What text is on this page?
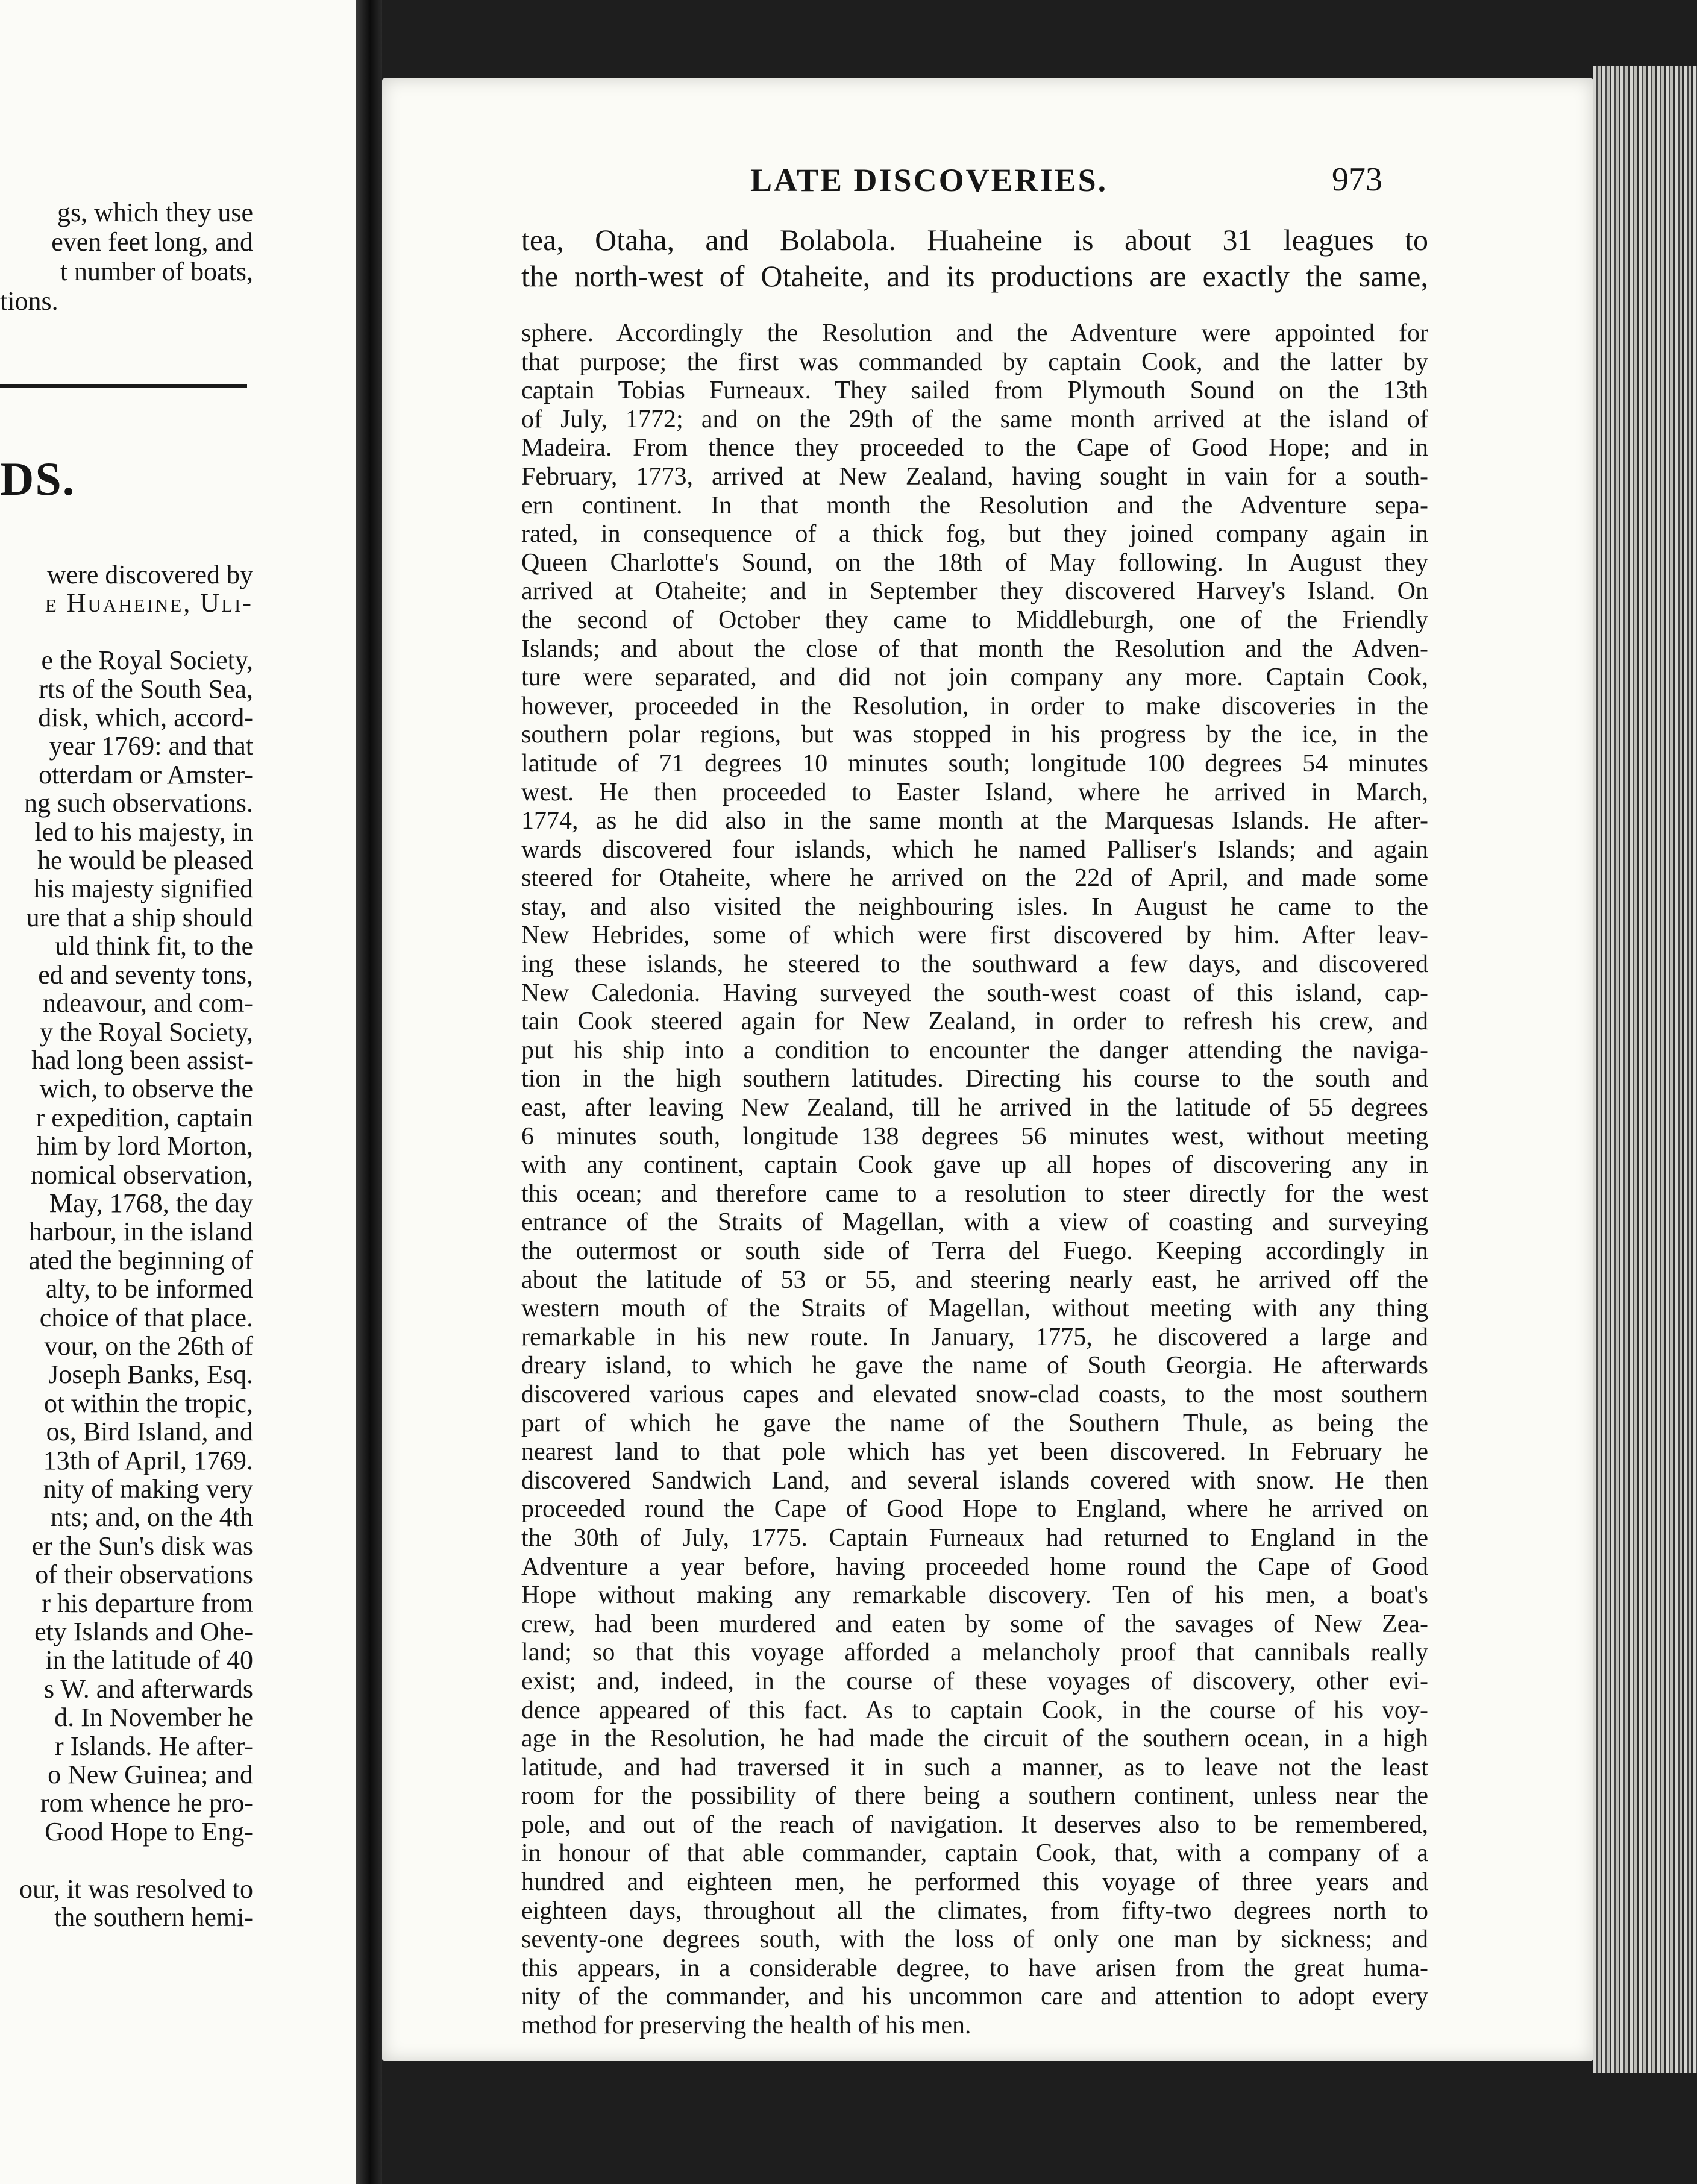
gs, which they use
even feet long, and
t number of boats,
tions.
DS.
were discovered by
e Huaheine, Uli-

e the Royal Society,
rts of the South Sea,
disk, which, accord-
year 1769: and that
otterdam or Amster-
ng such observations.
led to his majesty, in
he would be pleased
his majesty signified
ure that a ship should
uld think fit, to the
ed and seventy tons,
ndeavour, and com-
y the Royal Society,
had long been assist-
wich, to observe the
r expedition, captain
him by lord Morton,
nomical observation,
May, 1768, the day
harbour, in the island
ated the beginning of
alty, to be informed
choice of that place.
vour, on the 26th of
Joseph Banks, Esq.
ot within the tropic,
os, Bird Island, and
13th of April, 1769.
nity of making very
nts; and, on the 4th
er the Sun's disk was
of their observations
r his departure from
ety Islands and Ohe-
in the latitude of 40
s W. and afterwards
d. In November he
r Islands. He after-
o New Guinea; and
rom whence he pro-
Good Hope to Eng-

our, it was resolved to
the southern hemi-
LATE DISCOVERIES.	973
tea, Otaha, and Bolabola. Huaheine is about 31 leagues to
the north-west of Otaheite, and its productions are exactly the same,
sphere. Accordingly the Resolution and the Adventure were appointed for
that purpose; the first was commanded by captain Cook, and the latter by
captain Tobias Furneaux. They sailed from Plymouth Sound on the 13th
of July, 1772; and on the 29th of the same month arrived at the island of
Madeira. From thence they proceeded to the Cape of Good Hope; and in
February, 1773, arrived at New Zealand, having sought in vain for a south-
ern continent. In that month the Resolution and the Adventure sepa-
rated, in consequence of a thick fog, but they joined company again in
Queen Charlotte's Sound, on the 18th of May following. In August they
arrived at Otaheite; and in September they discovered Harvey's Island. On
the second of October they came to Middleburgh, one of the Friendly
Islands; and about the close of that month the Resolution and the Adven-
ture were separated, and did not join company any more. Captain Cook,
however, proceeded in the Resolution, in order to make discoveries in the
southern polar regions, but was stopped in his progress by the ice, in the
latitude of 71 degrees 10 minutes south; longitude 100 degrees 54 minutes
west. He then proceeded to Easter Island, where he arrived in March,
1774, as he did also in the same month at the Marquesas Islands. He after-
wards discovered four islands, which he named Palliser's Islands; and again
steered for Otaheite, where he arrived on the 22d of April, and made some
stay, and also visited the neighbouring isles. In August he came to the
New Hebrides, some of which were first discovered by him. After leav-
ing these islands, he steered to the southward a few days, and discovered
New Caledonia. Having surveyed the south-west coast of this island, cap-
tain Cook steered again for New Zealand, in order to refresh his crew, and
put his ship into a condition to encounter the danger attending the naviga-
tion in the high southern latitudes. Directing his course to the south and
east, after leaving New Zealand, till he arrived in the latitude of 55 degrees
6 minutes south, longitude 138 degrees 56 minutes west, without meeting
with any continent, captain Cook gave up all hopes of discovering any in
this ocean; and therefore came to a resolution to steer directly for the west
entrance of the Straits of Magellan, with a view of coasting and surveying
the outermost or south side of Terra del Fuego. Keeping accordingly in
about the latitude of 53 or 55, and steering nearly east, he arrived off the
western mouth of the Straits of Magellan, without meeting with any thing
remarkable in his new route. In January, 1775, he discovered a large and
dreary island, to which he gave the name of South Georgia. He afterwards
discovered various capes and elevated snow-clad coasts, to the most southern
part of which he gave the name of the Southern Thule, as being the
nearest land to that pole which has yet been discovered. In February he
discovered Sandwich Land, and several islands covered with snow. He then
proceeded round the Cape of Good Hope to England, where he arrived on
the 30th of July, 1775. Captain Furneaux had returned to England in the
Adventure a year before, having proceeded home round the Cape of Good
Hope without making any remarkable discovery. Ten of his men, a boat's
crew, had been murdered and eaten by some of the savages of New Zea-
land; so that this voyage afforded a melancholy proof that cannibals really
exist; and, indeed, in the course of these voyages of discovery, other evi-
dence appeared of this fact. As to captain Cook, in the course of his voy-
age in the Resolution, he had made the circuit of the southern ocean, in a high
latitude, and had traversed it in such a manner, as to leave not the least
room for the possibility of there being a southern continent, unless near the
pole, and out of the reach of navigation. It deserves also to be remembered,
in honour of that able commander, captain Cook, that, with a company of a
hundred and eighteen men, he performed this voyage of three years and
eighteen days, throughout all the climates, from fifty-two degrees north to
seventy-one degrees south, with the loss of only one man by sickness; and
this appears, in a considerable degree, to have arisen from the great huma-
nity of the commander, and his uncommon care and attention to adopt every
method for preserving the health of his men.
